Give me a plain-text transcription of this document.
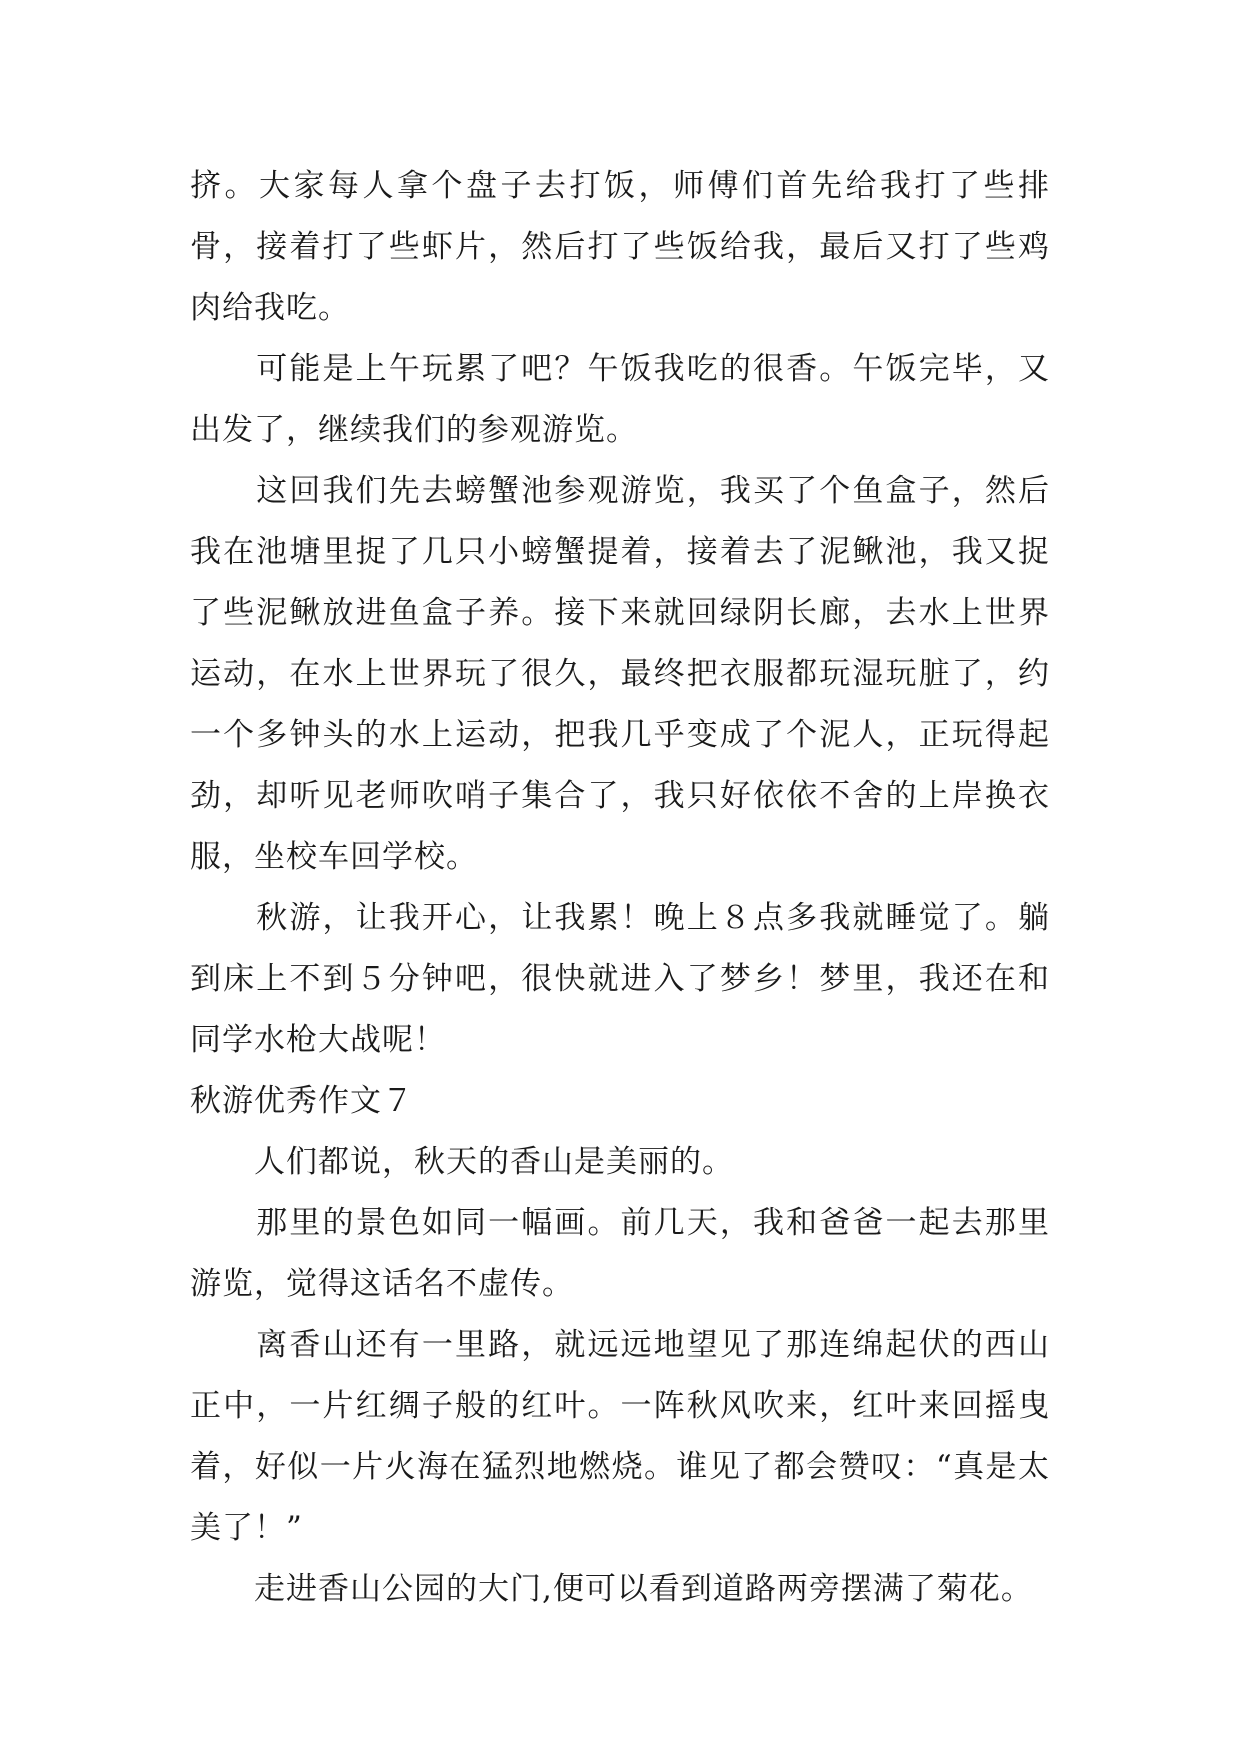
挤。大家每人拿个盘子去打饭，师傅们首先给我打了些排骨，接着打了些虾片，然后打了些饭给我，最后又打了些鸡肉给我吃。

　　可能是上午玩累了吧？午饭我吃的很香。午饭完毕，又出发了，继续我们的参观游览。

　　这回我们先去螃蟹池参观游览，我买了个鱼盒子，然后我在池塘里捉了几只小螃蟹提着，接着去了泥鳅池，我又捉了些泥鳅放进鱼盒子养。接下来就回绿阴长廊，去水上世界运动，在水上世界玩了很久，最终把衣服都玩湿玩脏了，约一个多钟头的水上运动，把我几乎变成了个泥人，正玩得起劲，却听见老师吹哨子集合了，我只好依依不舍的上岸换衣服，坐校车回学校。

　　秋游，让我开心，让我累！晚上８点多我就睡觉了。躺到床上不到５分钟吧，很快就进入了梦乡！梦里，我还在和同学水枪大战呢！

秋游优秀作文７

　　人们都说，秋天的香山是美丽的。

　　那里的景色如同一幅画。前几天，我和爸爸一起去那里游览，觉得这话名不虚传。

　　离香山还有一里路，就远远地望见了那连绵起伏的西山正中，一片红绸子般的红叶。一阵秋风吹来，红叶来回摇曳着，好似一片火海在猛烈地燃烧。谁见了都会赞叹：“真是太美了！”

　　走进香山公园的大门,便可以看到道路两旁摆满了菊花。
